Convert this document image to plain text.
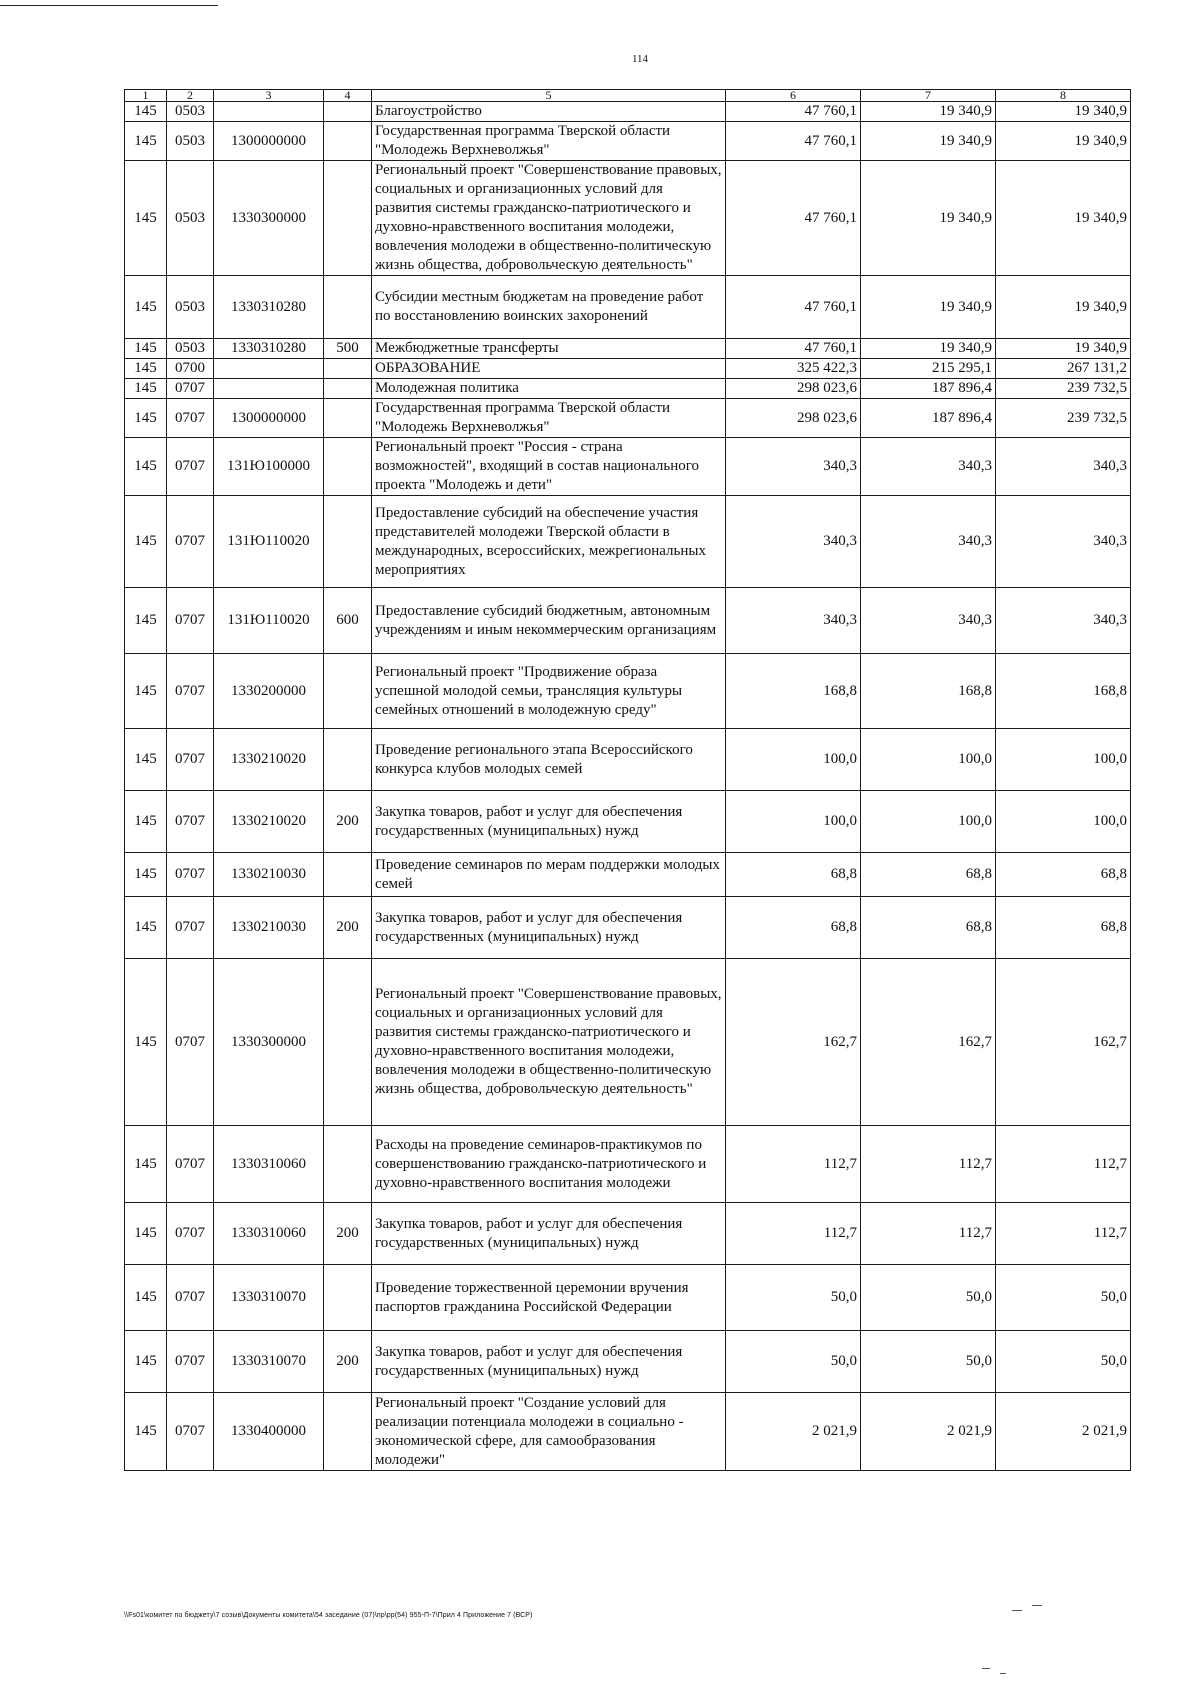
114
1	2	3	4	5	6	7	8
145	0503			Благоустройство	47 760,1	19 340,9	19 340,9
145	0503	1300000000		Государственная программа Тверской области "Молодежь Верхневолжья"	47 760,1	19 340,9	19 340,9
145	0503	1330300000		Региональный проект "Совершенствование правовых, социальных и организационных условий для развития системы гражданско-патриотического и духовно-нравственного воспитания молодежи, вовлечения молодежи в общественно-политическую жизнь общества, добровольческую деятельность"	47 760,1	19 340,9	19 340,9
145	0503	1330310280		Субсидии местным бюджетам на проведение работ по восстановлению воинских захоронений	47 760,1	19 340,9	19 340,9
145	0503	1330310280	500	Межбюджетные трансферты	47 760,1	19 340,9	19 340,9
145	0700			ОБРАЗОВАНИЕ	325 422,3	215 295,1	267 131,2
145	0707			Молодежная политика	298 023,6	187 896,4	239 732,5
145	0707	1300000000		Государственная программа Тверской области "Молодежь Верхневолжья"	298 023,6	187 896,4	239 732,5
145	0707	131Ю100000		Региональный проект "Россия - страна возможностей", входящий в состав национального проекта "Молодежь и дети"	340,3	340,3	340,3
145	0707	131Ю110020		Предоставление субсидий на обеспечение участия представителей молодежи Тверской области в международных, всероссийских, межрегиональных мероприятиях	340,3	340,3	340,3
145	0707	131Ю110020	600	Предоставление субсидий бюджетным, автономным учреждениям и иным некоммерческим организациям	340,3	340,3	340,3
145	0707	1330200000		Региональный проект "Продвижение образа успешной молодой семьи, трансляция культуры семейных отношений в молодежную среду"	168,8	168,8	168,8
145	0707	1330210020		Проведение регионального этапа Всероссийского конкурса клубов молодых семей	100,0	100,0	100,0
145	0707	1330210020	200	Закупка товаров, работ и услуг для обеспечения государственных (муниципальных) нужд	100,0	100,0	100,0
145	0707	1330210030		Проведение семинаров по мерам поддержки молодых семей	68,8	68,8	68,8
145	0707	1330210030	200	Закупка товаров, работ и услуг для обеспечения государственных (муниципальных) нужд	68,8	68,8	68,8
145	0707	1330300000		Региональный проект "Совершенствование правовых, социальных и организационных условий для развития системы гражданско-патриотического и духовно-нравственного воспитания молодежи, вовлечения молодежи в общественно-политическую жизнь общества, добровольческую деятельность"	162,7	162,7	162,7
145	0707	1330310060		Расходы на проведение семинаров-практикумов по совершенствованию гражданско-патриотического и духовно-нравственного воспитания молодежи	112,7	112,7	112,7
145	0707	1330310060	200	Закупка товаров, работ и услуг для обеспечения государственных (муниципальных) нужд	112,7	112,7	112,7
145	0707	1330310070		Проведение торжественной церемонии вручения паспортов гражданина Российской Федерации	50,0	50,0	50,0
145	0707	1330310070	200	Закупка товаров, работ и услуг для обеспечения государственных (муниципальных) нужд	50,0	50,0	50,0
145	0707	1330400000		Региональный проект "Создание условий для реализации потенциала молодежи в социально - экономической сфере, для самообразования молодежи"	2 021,9	2 021,9	2 021,9
\\Fs01\комитет по бюджету\7 созыв\Документы комитета\54 заседание (07)\пр\рр(54) 955-П-7\Прил 4 Приложение 7 (ВСР)
